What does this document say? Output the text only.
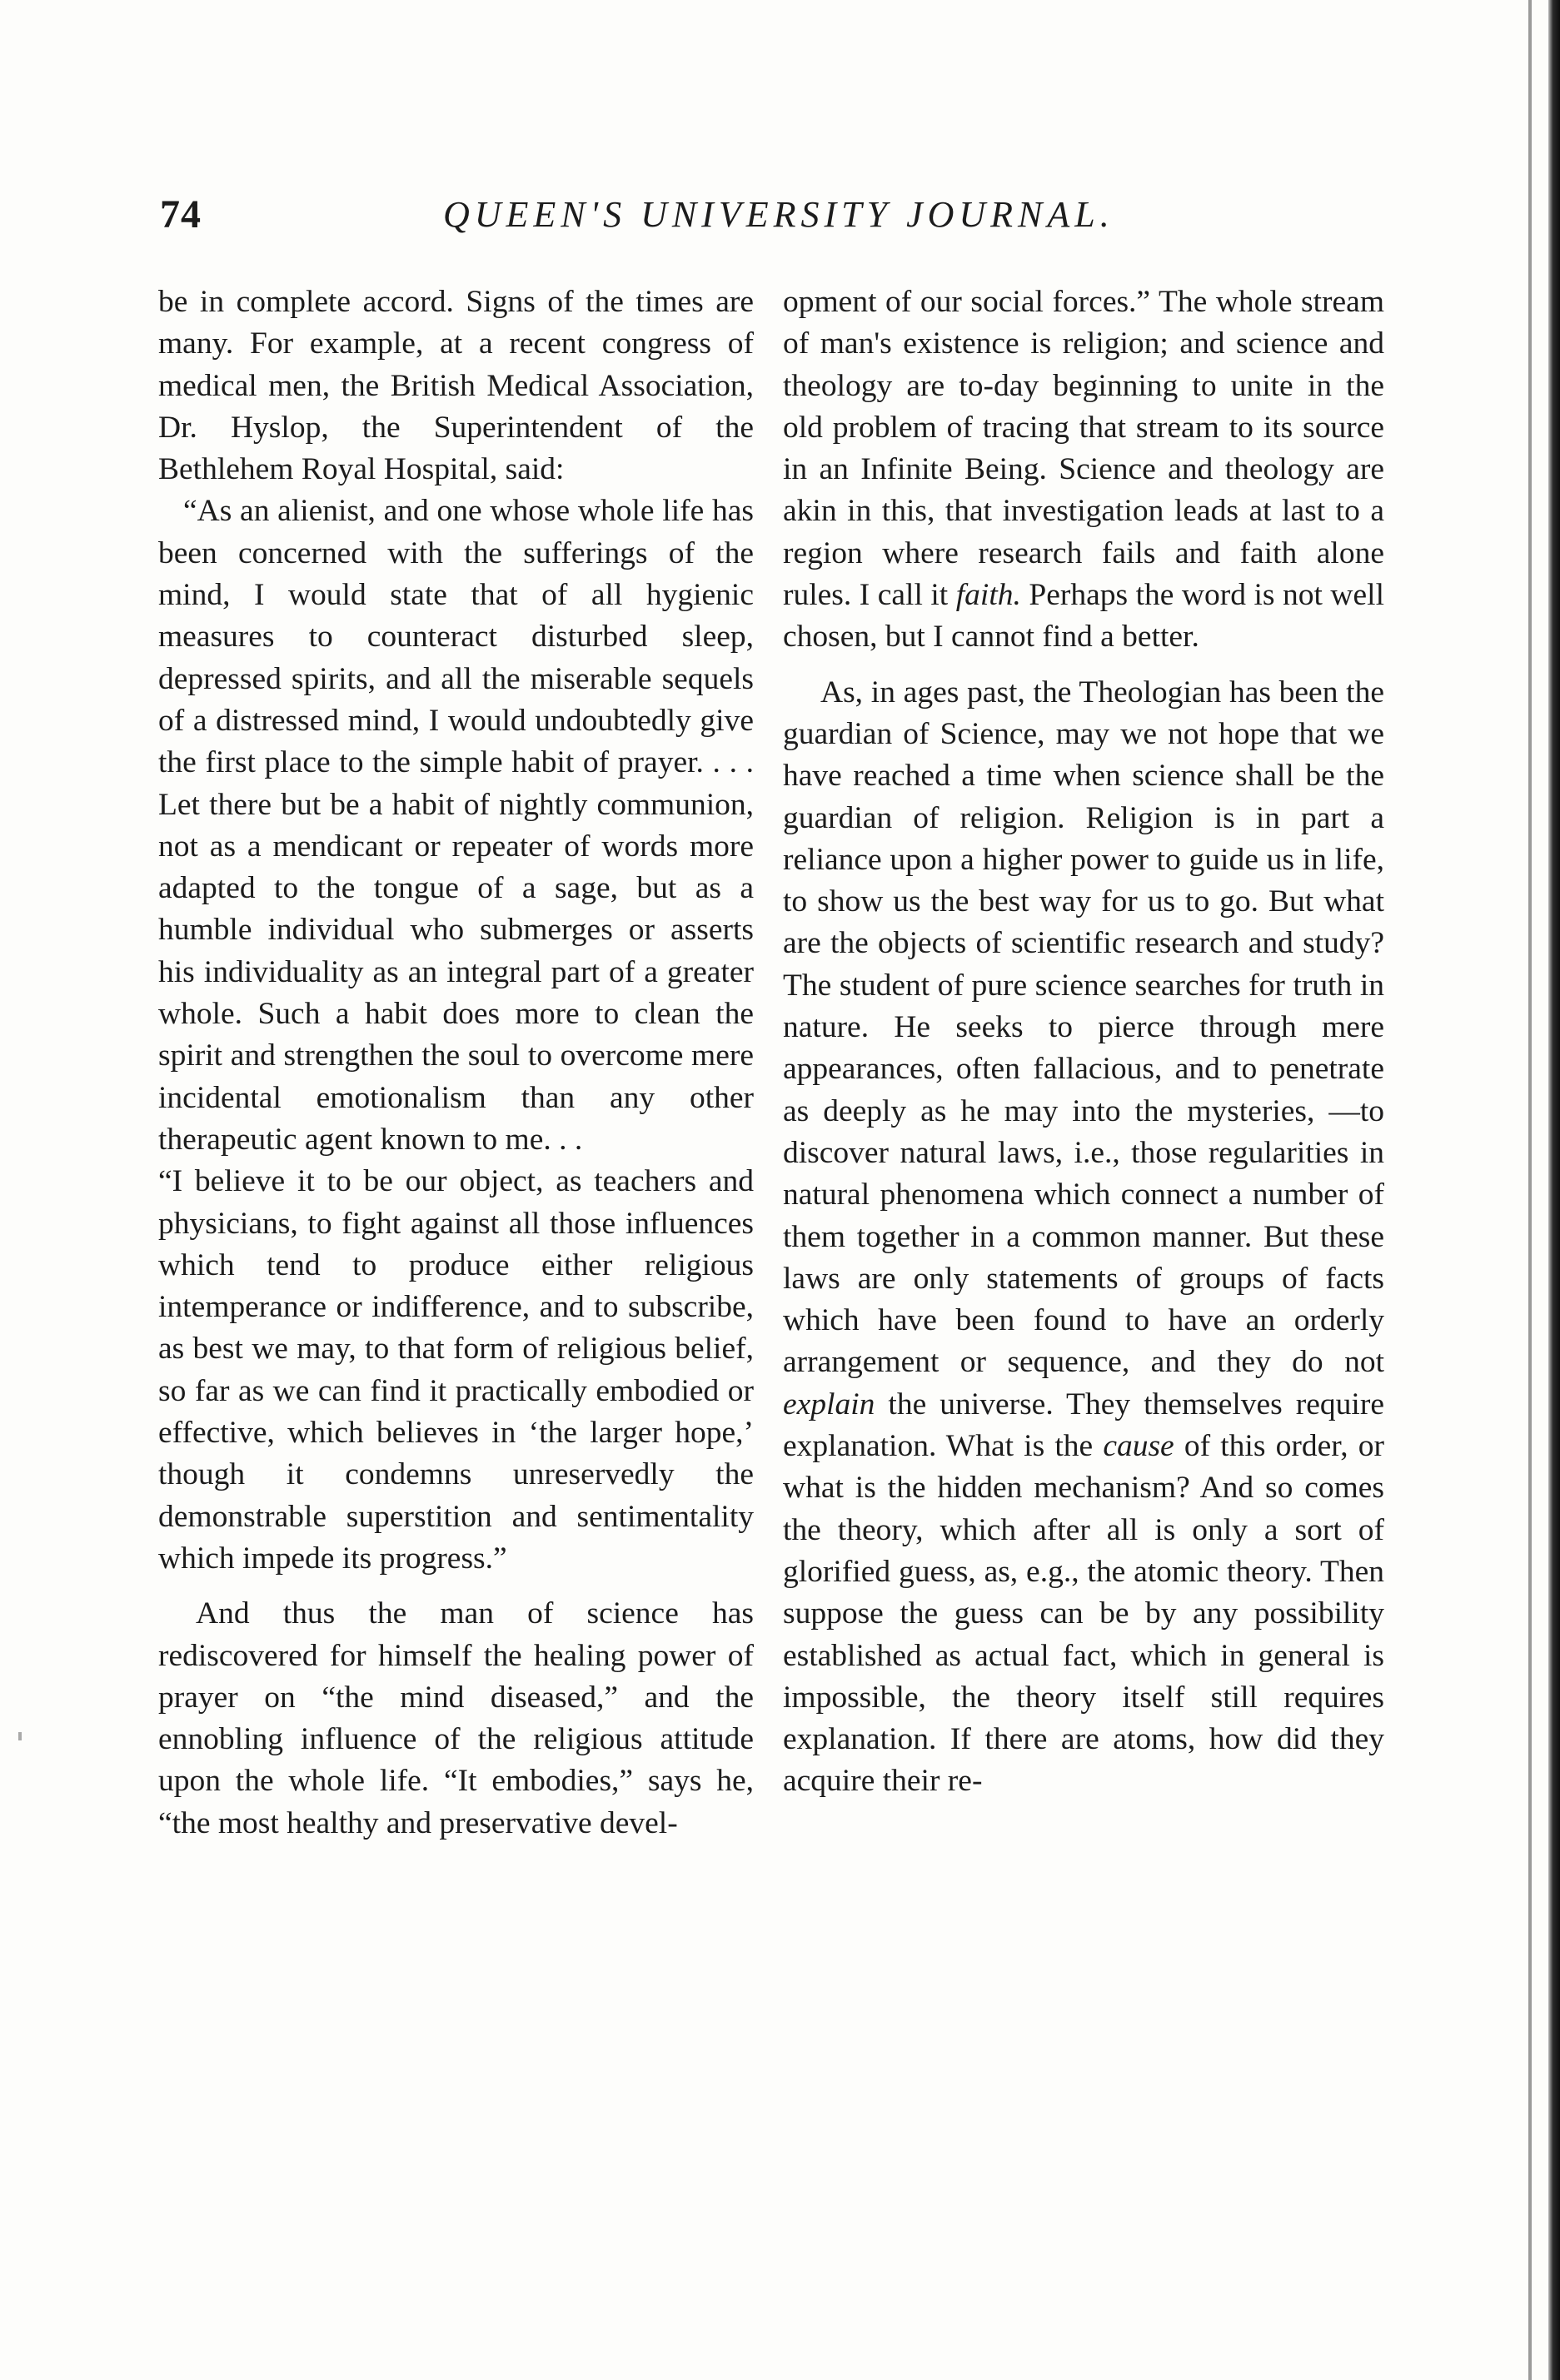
74	QUEEN'S UNIVERSITY JOURNAL.

be in complete accord. Signs of the times are many. For example, at a recent congress of medical men, the British Medical Association, Dr. Hyslop, the Superintendent of the Bethlehem Royal Hospital, said:

“As an alienist, and one whose whole life has been concerned with the sufferings of the mind, I would state that of all hygienic measures to counteract disturbed sleep, depressed spirits, and all the miserable sequels of a distressed mind, I would undoubtedly give the first place to the simple habit of prayer. . . . Let there but be a habit of nightly communion, not as a mendicant or repeater of words more adapted to the tongue of a sage, but as a humble individual who submerges or asserts his individuality as an integral part of a greater whole. Such a habit does more to clean the spirit and strengthen the soul to overcome mere incidental emotionalism than any other therapeutic agent known to me. . .

“I believe it to be our object, as teachers and physicians, to fight against all those influences which tend to produce either religious intemperance or indifference, and to subscribe, as best we may, to that form of religious belief, so far as we can find it practically embodied or effective, which believes in ‘the larger hope,’ though it condemns unreservedly the demonstrable superstition and sentimentality which impede its progress.”

And thus the man of science has rediscovered for himself the healing power of prayer on “the mind diseased,” and the ennobling influence of the religious attitude upon the whole life. “It embodies,” says he, “the most healthy and preservative devel-

opment of our social forces.” The whole stream of man's existence is religion; and science and theology are to-day beginning to unite in the old problem of tracing that stream to its source in an Infinite Being. Science and theology are akin in this, that investigation leads at last to a region where research fails and faith alone rules. I call it faith. Perhaps the word is not well chosen, but I cannot find a better.

As, in ages past, the Theologian has been the guardian of Science, may we not hope that we have reached a time when science shall be the guardian of religion. Religion is in part a reliance upon a higher power to guide us in life, to show us the best way for us to go. But what are the objects of scientific research and study? The student of pure science searches for truth in nature. He seeks to pierce through mere appearances, often fallacious, and to penetrate as deeply as he may into the mysteries, —to discover natural laws, i.e., those regularities in natural phenomena which connect a number of them together in a common manner. But these laws are only statements of groups of facts which have been found to have an orderly arrangement or sequence, and they do not explain the universe. They themselves require explanation. What is the cause of this order, or what is the hidden mechanism? And so comes the theory, which after all is only a sort of glorified guess, as, e.g., the atomic theory. Then suppose the guess can be by any possibility established as actual fact, which in general is impossible, the theory itself still requires explanation. If there are atoms, how did they acquire their re-
